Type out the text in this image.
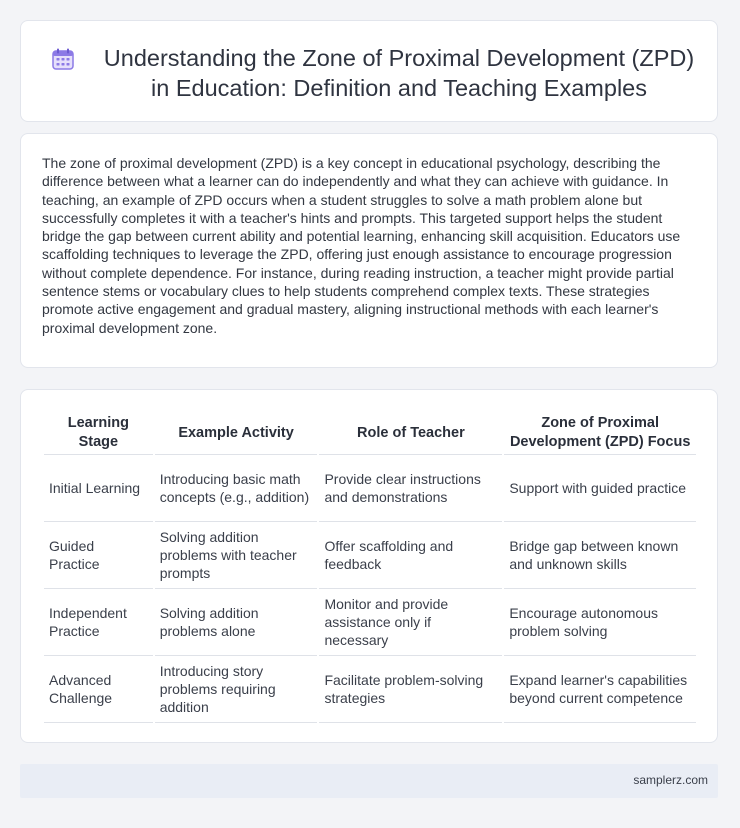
Understanding the Zone of Proximal Development (ZPD) in Education: Definition and Teaching Examples

The zone of proximal development (ZPD) is a key concept in educational psychology, describing the difference between what a learner can do independently and what they can achieve with guidance. In teaching, an example of ZPD occurs when a student struggles to solve a math problem alone but successfully completes it with a teacher's hints and prompts. This targeted support helps the student bridge the gap between current ability and potential learning, enhancing skill acquisition. Educators use scaffolding techniques to leverage the ZPD, offering just enough assistance to encourage progression without complete dependence. For instance, during reading instruction, a teacher might provide partial sentence stems or vocabulary clues to help students comprehend complex texts. These strategies promote active engagement and gradual mastery, aligning instructional methods with each learner's proximal development zone.

Learning Stage	Example Activity	Role of Teacher	Zone of Proximal Development (ZPD) Focus
Initial Learning	Introducing basic math concepts (e.g., addition)	Provide clear instructions and demonstrations	Support with guided practice
Guided Practice	Solving addition problems with teacher prompts	Offer scaffolding and feedback	Bridge gap between known and unknown skills
Independent Practice	Solving addition problems alone	Monitor and provide assistance only if necessary	Encourage autonomous problem solving
Advanced Challenge	Introducing story problems requiring addition	Facilitate problem-solving strategies	Expand learner's capabilities beyond current competence
samplerz.com
